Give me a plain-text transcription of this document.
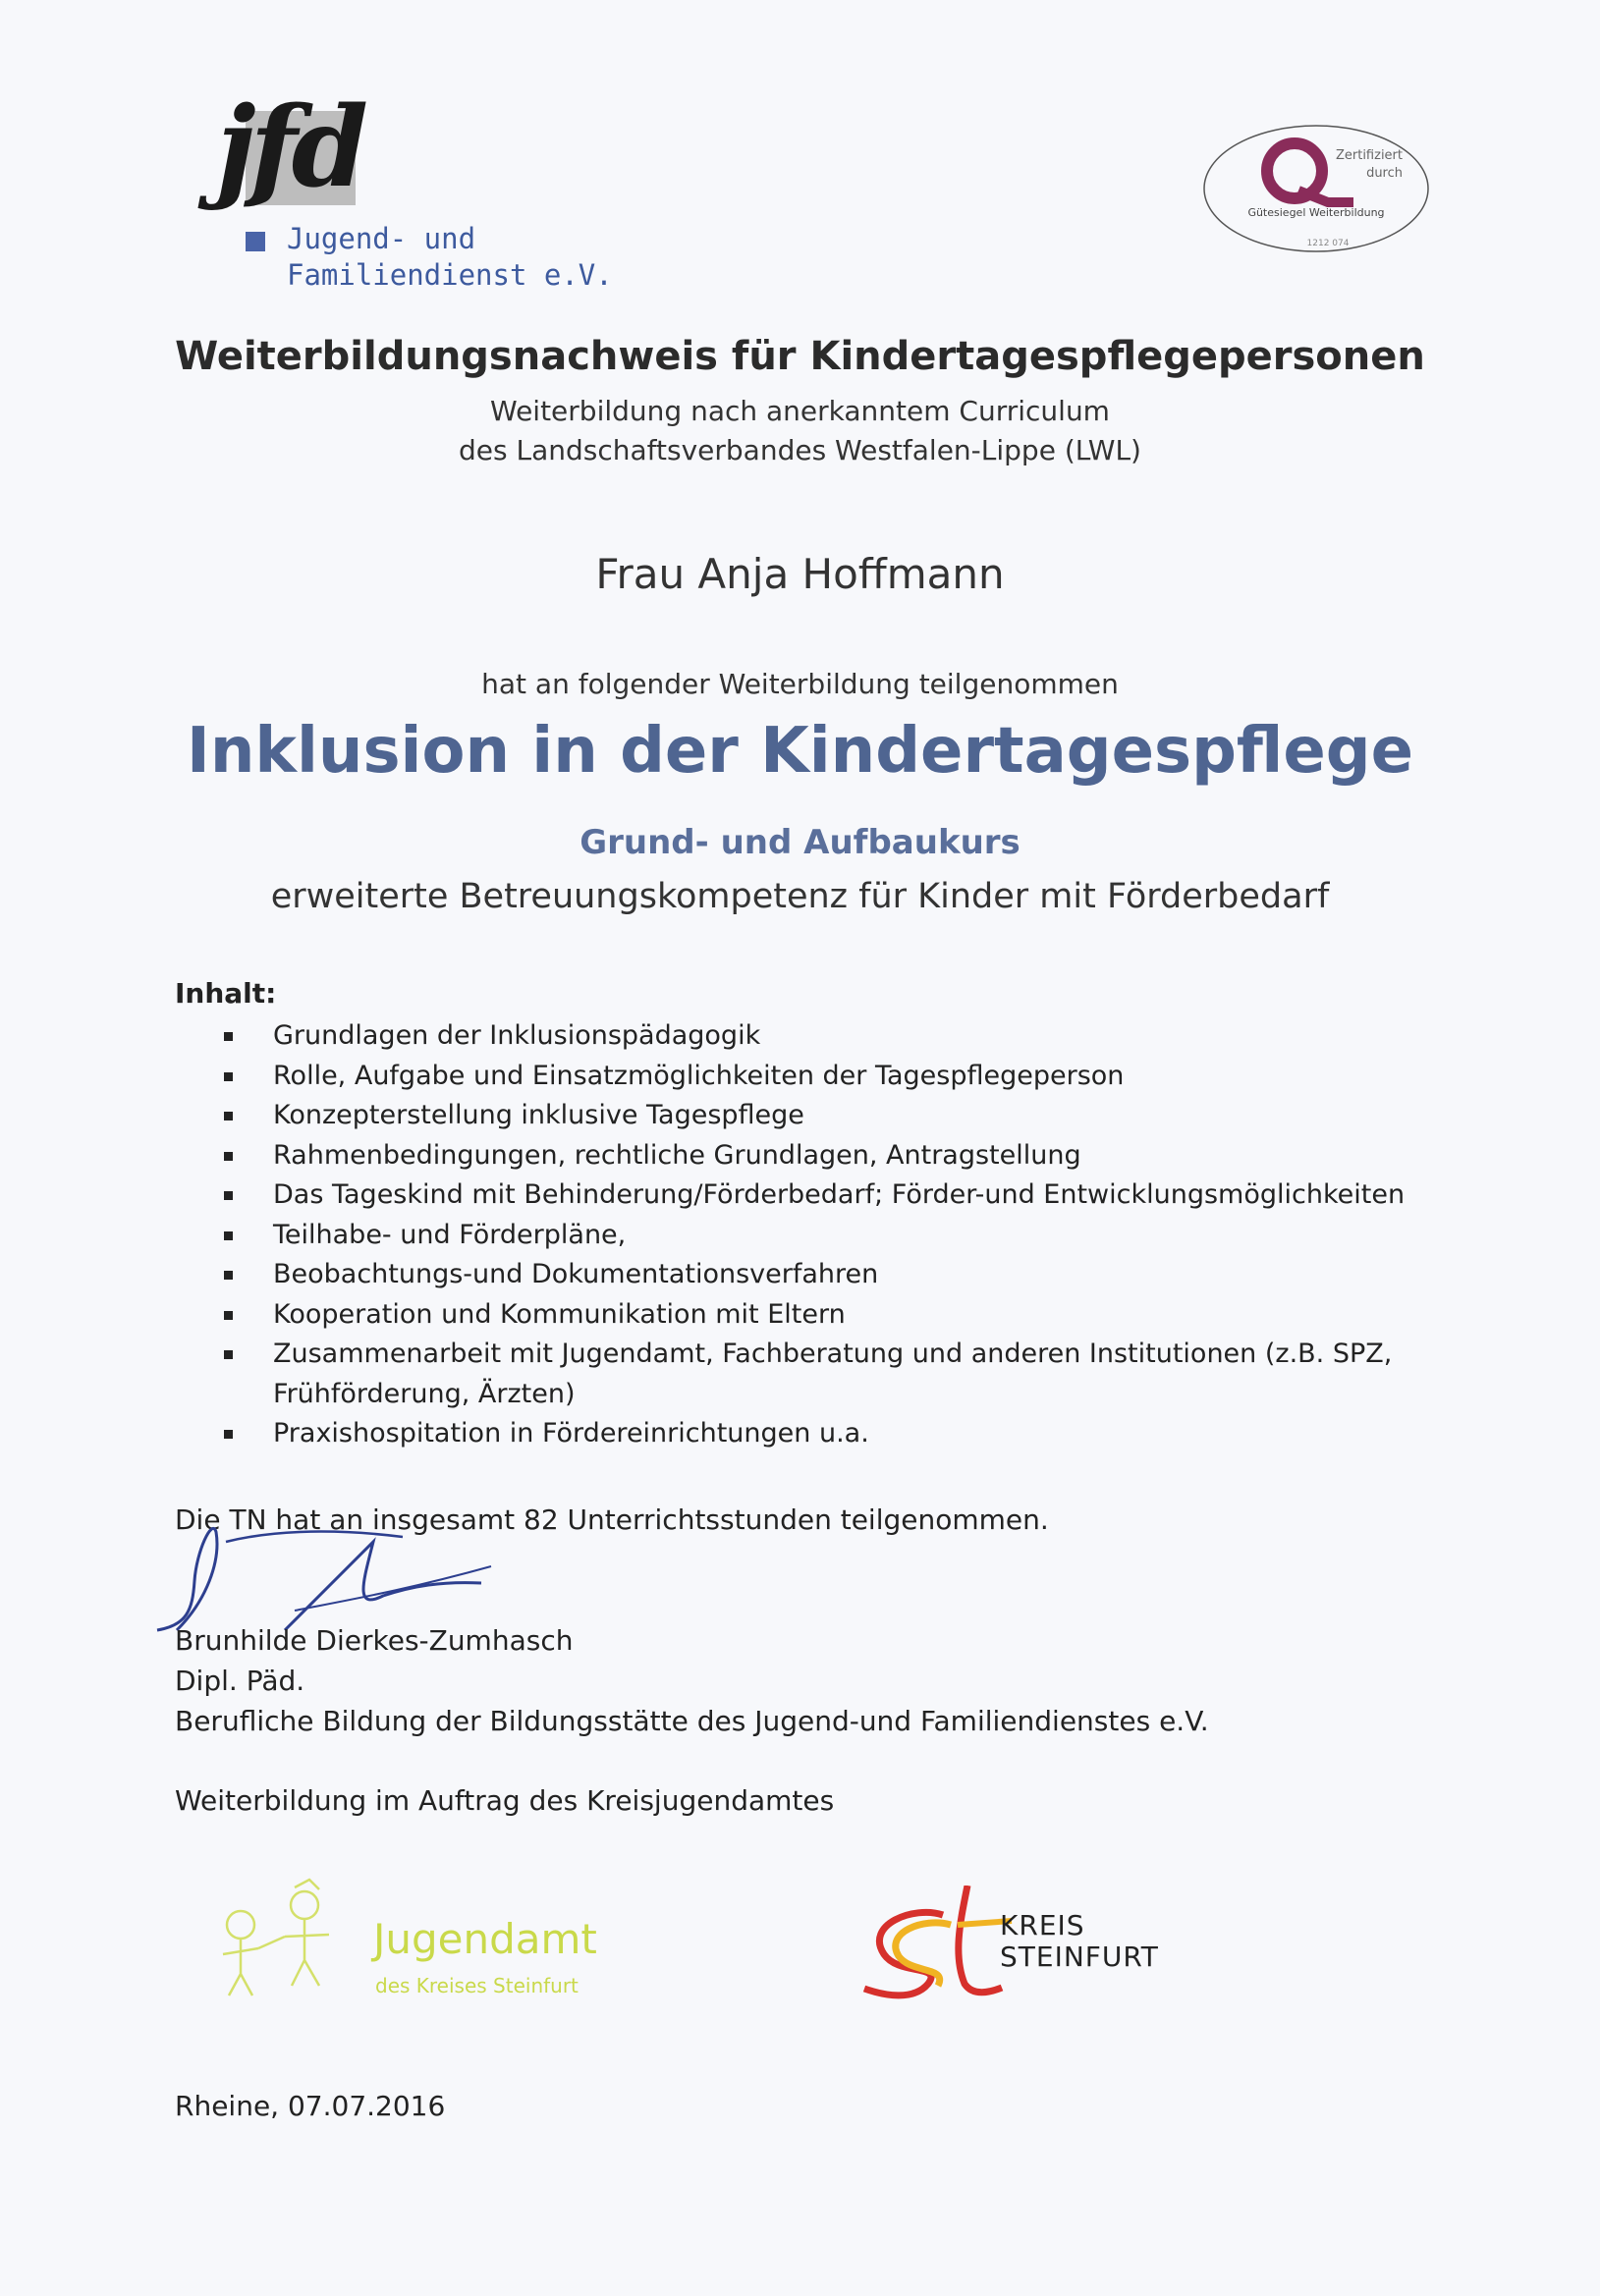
jfd
Jugend- und
Familiendienst e.V.
Zertifiziert
durch
Gütesiegel Weiterbildung
1212 074
Weiterbildungsnachweis für Kindertagespflegepersonen
Weiterbildung nach anerkanntem Curriculum
des Landschaftsverbandes Westfalen-Lippe (LWL)
Frau Anja Hoffmann
hat an folgender Weiterbildung teilgenommen
Inklusion in der Kindertagespflege
Grund- und Aufbaukurs
erweiterte Betreuungskompetenz für Kinder mit Förderbedarf
Inhalt:
Grundlagen der Inklusionspädagogik
Rolle, Aufgabe und Einsatzmöglichkeiten der Tagespflegeperson
Konzepterstellung inklusive Tagespflege
Rahmenbedingungen, rechtliche Grundlagen, Antragstellung
Das Tageskind mit Behinderung/Förderbedarf; Förder-und Entwicklungsmöglichkeiten
Teilhabe- und Förderpläne,
Beobachtungs-und Dokumentationsverfahren
Kooperation und Kommunikation mit Eltern
Zusammenarbeit mit Jugendamt, Fachberatung und anderen Institutionen (z.B. SPZ, Frühförderung, Ärzten)
Praxishospitation in Fördereinrichtungen u.a.
Die TN hat an insgesamt 82 Unterrichtsstunden teilgenommen.
Brunhilde Dierkes-Zumhasch
Dipl. Päd.
Berufliche Bildung der Bildungsstätte des Jugend-und Familiendienstes e.V.
Weiterbildung im Auftrag des Kreisjugendamtes
Jugendamt
des Kreises Steinfurt
KREIS
STEINFURT
Rheine, 07.07.2016
